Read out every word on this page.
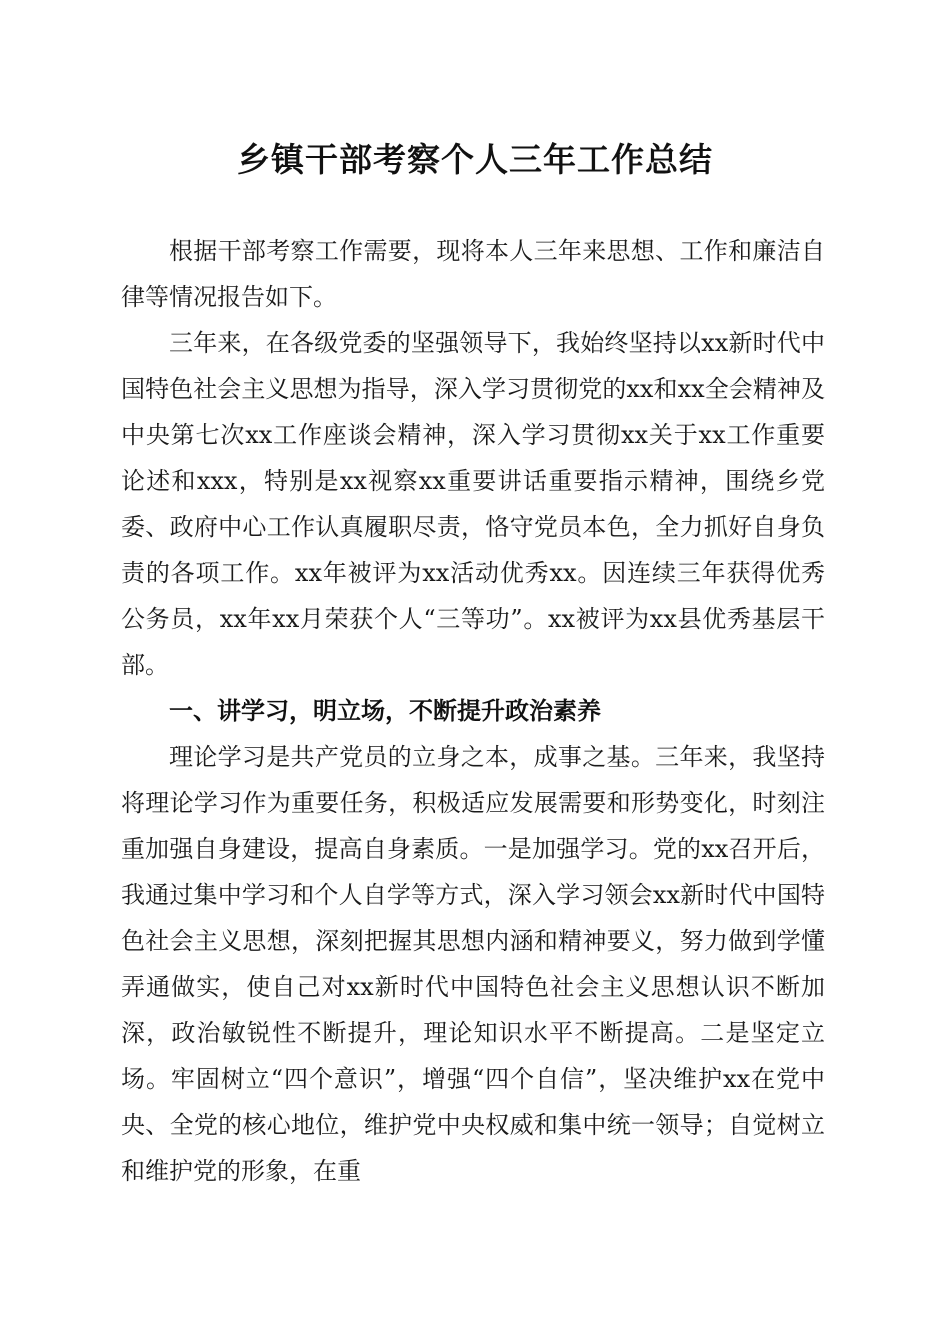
乡镇干部考察个人三年工作总结

根据干部考察工作需要，现将本人三年来思想、工作和廉洁自律等情况报告如下。

三年来，在各级党委的坚强领导下，我始终坚持以xx新时代中国特色社会主义思想为指导，深入学习贯彻党的xx和xx全会精神及中央第七次xx工作座谈会精神，深入学习贯彻xx关于xx工作重要论述和xxx，特别是xx视察xx重要讲话重要指示精神，围绕乡党委、政府中心工作认真履职尽责，恪守党员本色，全力抓好自身负责的各项工作。xx年被评为xx活动优秀xx。因连续三年获得优秀公务员，xx年xx月荣获个人“三等功”。xx被评为xx县优秀基层干部。

一、讲学习，明立场，不断提升政治素养

理论学习是共产党员的立身之本，成事之基。三年来，我坚持将理论学习作为重要任务，积极适应发展需要和形势变化，时刻注重加强自身建设，提高自身素质。一是加强学习。党的xx召开后，我通过集中学习和个人自学等方式，深入学习领会xx新时代中国特色社会主义思想，深刻把握其思想内涵和精神要义，努力做到学懂弄通做实，使自己对xx新时代中国特色社会主义思想认识不断加深，政治敏锐性不断提升，理论知识水平不断提高。二是坚定立场。牢固树立“四个意识”，增强“四个自信”，坚决维护xx在党中央、全党的核心地位，维护党中央权威和集中统一领导；自觉树立和维护党的形象，在重
